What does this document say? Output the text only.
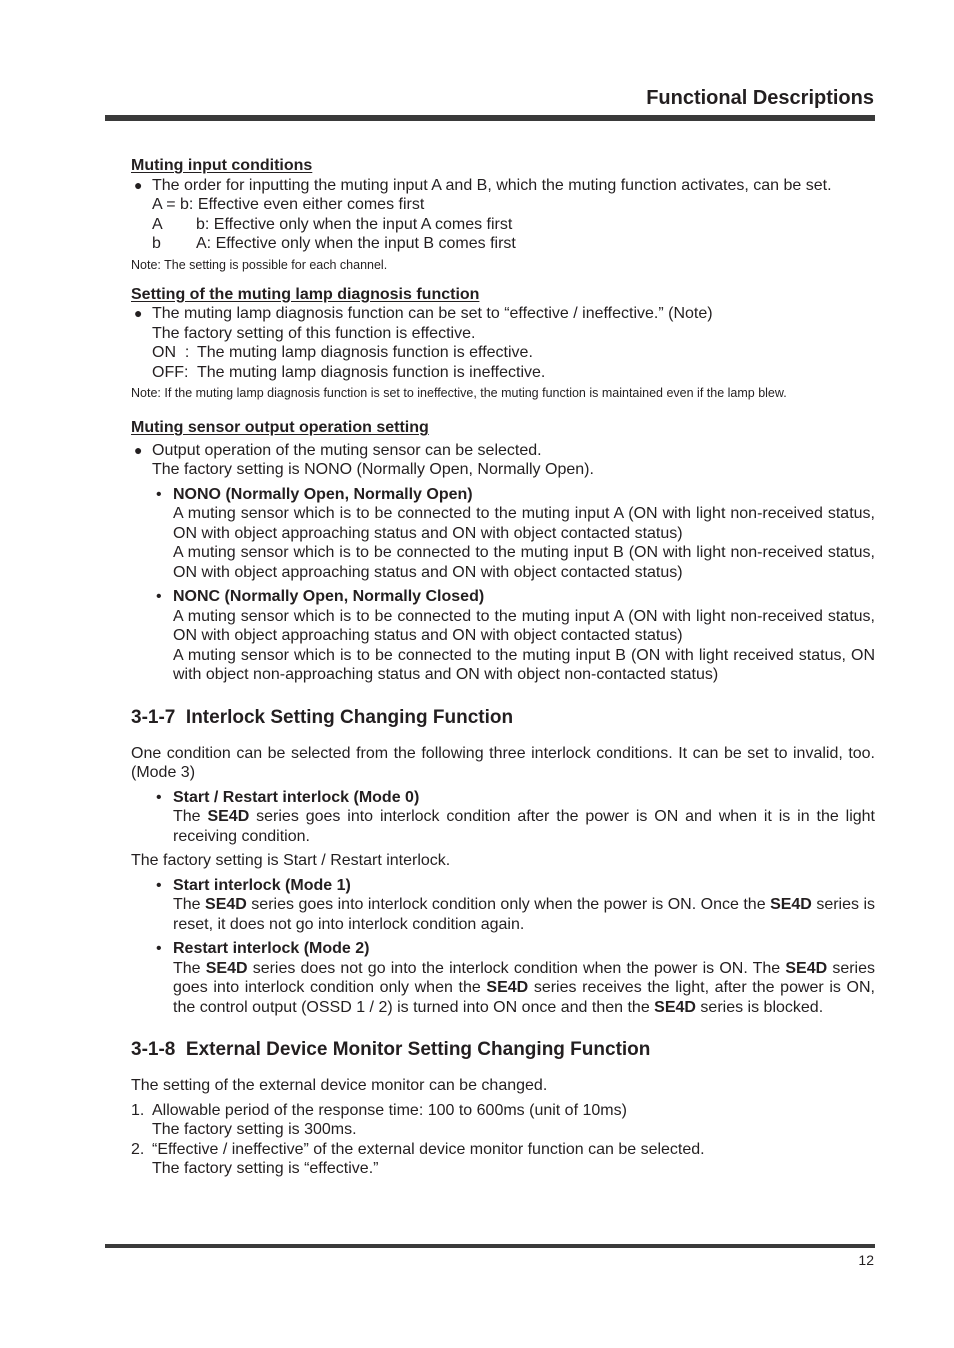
Functional Descriptions
Muting input conditions
● The order for inputting the muting input A and B, which the muting function activates, can be set.
A = b: Effective even either comes first
A	b: Effective only when the input A comes first
b	A: Effective only when the input B comes first
Note: The setting is possible for each channel.
Setting of the muting lamp diagnosis function
● The muting lamp diagnosis function can be set to “effective / ineffective.” (Note)
The factory setting of this function is effective.
ON  : The muting lamp diagnosis function is effective.
OFF: The muting lamp diagnosis function is ineffective.
Note: If the muting lamp diagnosis function is set to ineffective, the muting function is maintained even if the lamp blew.
Muting sensor output operation setting
● Output operation of the muting sensor can be selected.
The factory setting is NONO (Normally Open, Normally Open).
• NONO (Normally Open, Normally Open)
A muting sensor which is to be connected to the muting input A (ON with light non-received status, ON with object approaching status and ON with object contacted status)
A muting sensor which is to be connected to the muting input B (ON with light non-received status, ON with object approaching status and ON with object contacted status)
• NONC (Normally Open, Normally Closed)
A muting sensor which is to be connected to the muting input A (ON with light non-received status, ON with object approaching status and ON with object contacted status)
A muting sensor which is to be connected to the muting input B (ON with light received status, ON with object non-approaching status and ON with object non-contacted status)
3-1-7  Interlock Setting Changing Function
One condition can be selected from the following three interlock conditions. It can be set to invalid, too. (Mode 3)
• Start / Restart interlock (Mode 0)
The SE4D series goes into interlock condition after the power is ON and when it is in the light receiving condition.
The factory setting is Start / Restart interlock.
• Start interlock (Mode 1)
The SE4D series goes into interlock condition only when the power is ON. Once the SE4D series is reset, it does not go into interlock condition again.
• Restart interlock (Mode 2)
The SE4D series does not go into the interlock condition when the power is ON. The SE4D series goes into interlock condition only when the SE4D series receives the light, after the power is ON, the control output (OSSD 1 / 2) is turned into ON once and then the SE4D series is blocked.
3-1-8  External Device Monitor Setting Changing Function
The setting of the external device monitor can be changed.
1. Allowable period of the response time: 100 to 600ms (unit of 10ms)
The factory setting is 300ms.
2. “Effective / ineffective” of the external device monitor function can be selected.
The factory setting is “effective.”
12
